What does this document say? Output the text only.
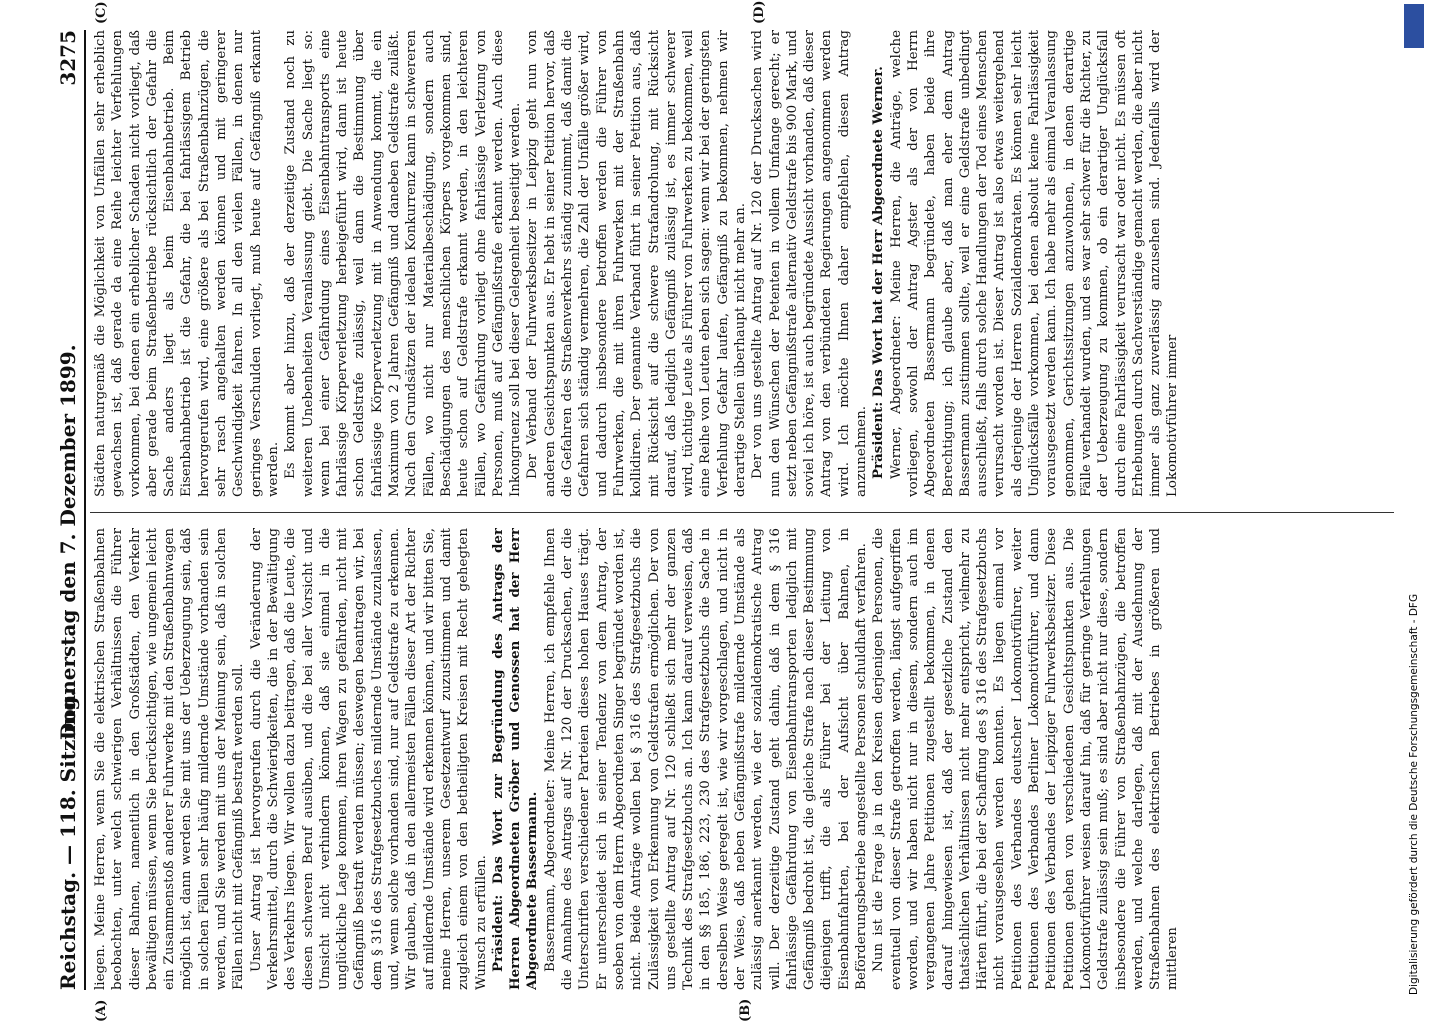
Reichstag. — 118. Sitzung.
Donnerstag den 7. Dezember 1899.
3275
(A)	(B)
(C)	(D)

liegen. Meine Herren, wenn Sie die elektrischen Straßenbahnen beobachten, unter welch schwierigen Verhältnissen die Führer dieser Bahnen, namentlich in den Großstädten, den Verkehr bewältigen müssen, wenn Sie berücksichtigen, wie ungemein leicht ein Zusammenstoß anderer Fuhrwerke mit den Straßenbahnwagen möglich ist, dann werden Sie mit uns der Ueberzeugung sein, daß in solchen Fällen sehr häufig mildernde Umstände vorhanden sein werden, und Sie werden mit uns der Meinung sein, daß in solchen Fällen nicht mit Gefängniß bestraft werden soll. Unser Antrag ist hervorgerufen durch die Veränderung der Verkehrsmittel, durch die Schwierigkeiten, die in der Bewältigung des Verkehrs liegen. Wir wollen dazu beitragen, daß die Leute, die diesen schweren Beruf ausüben, und die bei aller Vorsicht und Umsicht nicht verhindern können, daß sie einmal in die unglückliche Lage kommen, ihren Wagen zu gefährden, nicht mit Gefängniß bestraft werden müssen; deswegen beantragen wir, bei dem § 316 des Strafgesetzbuches mildernde Umstände zuzulassen, und, wenn solche vorhanden sind, nur auf Geldstrafe zu erkennen. Wir glauben, daß in den allermeisten Fällen dieser Art der Richter auf mildernde Umstände wird erkennen können, und wir bitten Sie, meine Herren, unserem Gesetzentwurf zuzustimmen und damit zugleich einem von den betheiligten Kreisen mit Recht gehegten Wunsch zu erfüllen. Präsident: Das Wort zur Begründung des Antrags der Herren Abgeordneten Gröber und Genossen hat der Herr Abgeordnete Bassermann. Bassermann, Abgeordneter: Meine Herren, ich empfehle Ihnen die Annahme des Antrags auf Nr. 120 der Drucksachen, der die Unterschriften verschiedener Parteien dieses hohen Hauses trägt. Er unterscheidet sich in seiner Tendenz von dem Antrag, der soeben von dem Herrn Abgeordneten Singer begründet worden ist, nicht. Beide Anträge wollen bei § 316 des Strafgesetzbuchs die Zulässigkeit von Erkennung von Geldstrafen ermöglichen. Der von uns gestellte Antrag auf Nr. 120 schließt sich mehr der ganzen Technik des Strafgesetzbuchs an. Ich kann darauf verweisen, daß in den §§ 185, 186, 223, 230 des Strafgesetzbuchs die Sache in derselben Weise geregelt ist, wie wir vorgeschlagen, und nicht in der Weise, daß neben Gefängnißstrafe mildernde Umstände als zulässig anerkannt werden, wie der sozialdemokratische Antrag will. Der derzeitige Zustand geht dahin, daß in dem § 316 fahrlässige Gefährdung von Eisenbahntransporten lediglich mit Gefängniß bedroht ist, die gleiche Strafe nach dieser Bestimmung diejenigen trifft, die als Führer bei der Leitung von Eisenbahnfahrten, bei der Aufsicht über Bahnen, in Beförderungsbetriebe angestellte Personen schuldhaft verfahren. Nun ist die Frage ja in den Kreisen derjenigen Personen, die eventuell von dieser Strafe getroffen werden, längst aufgegriffen worden, und wir haben nicht nur in diesem, sondern auch im vergangenen Jahre Petitionen zugestellt bekommen, in denen darauf hingewiesen ist, daß der gesetzliche Zustand den thatsächlichen Verhältnissen nicht mehr entspricht, vielmehr zu Härten führt, die bei der Schaffung des § 316 des Strafgesetzbuchs nicht vorausgesehen werden konnten. Es liegen einmal vor Petitionen des Verbandes deutscher Lokomotivführer, weiter Petitionen des Verbandes Berliner Lokomotivführer, und dann Petitionen des Verbandes der Leipziger Fuhrwerksbesitzer. Diese Petitionen gehen von verschiedenen Gesichtspunkten aus. Die Lokomotivführer weisen darauf hin, daß für geringe Verfehlungen Geldstrafe zulässig sein muß; es sind aber nicht nur diese, sondern insbesondere die Führer von Straßenbahnzügen, die betroffen werden, und welche darlegen, daß mit der Ausdehnung der Straßenbahnen des elektrischen Betriebes in größeren und mittleren

Städten naturgemäß die Möglichkeit von Unfällen sehr erheblich gewachsen ist, daß gerade da eine Reihe leichter Verfehlungen vorkommen, bei denen ein erheblicher Schaden nicht vorliegt, daß aber gerade beim Straßenbetriebe rücksichtlich der Gefahr die Sache anders liegt als beim Eisenbahnbetrieb. Beim Eisenbahnbetrieb ist die Gefahr, die bei fahrlässigem Betrieb hervorgerufen wird, eine größere als bei Straßenbahnzügen, die sehr rasch angehalten werden können und mit geringerer Geschwindigkeit fahren. In all den vielen Fällen, in denen nur geringes Verschulden vorliegt, muß heute auf Gefängniß erkannt werden. Es kommt aber hinzu, daß der derzeitige Zustand noch zu weiteren Unebenheiten Veranlassung giebt. Die Sache liegt so: wenn bei einer Gefährdung eines Eisenbahntransports eine fahrlässige Körperverletzung herbeigeführt wird, dann ist heute schon Geldstrafe zulässig, weil dann die Bestimmung über fahrlässige Körperverletzung mit in Anwendung kommt, die ein Maximum von 2 Jahren Gefängniß und daneben Geldstrafe zuläßt. Nach den Grundsätzen der idealen Konkurrenz kann in schwereren Fällen, wo nicht nur Materialbeschädigung, sondern auch Beschädigungen des menschlichen Körpers vorgekommen sind, heute schon auf Geldstrafe erkannt werden, in den leichteren Fällen, wo Gefährdung vorliegt ohne fahrlässige Verletzung von Personen, muß auf Gefängnißstrafe erkannt werden. Auch diese Inkongruenz soll bei dieser Gelegenheit beseitigt werden. Der Verband der Fuhrwerksbesitzer in Leipzig geht nun von anderen Gesichtspunkten aus. Er hebt in seiner Petition hervor, daß die Gefahren des Straßenverkehrs ständig zunimmt, daß damit die Gefahren sich ständig vermehren, die Zahl der Unfälle größer wird, und dadurch insbesondere betroffen werden die Führer von Fuhrwerken, die mit ihren Fuhrwerken mit der Straßenbahn kollidiren. Der genannte Verband führt in seiner Petition aus, daß mit Rücksicht auf die schwere Strafandrohung, mit Rücksicht darauf, daß lediglich Gefängniß zulässig ist, es immer schwerer wird, tüchtige Leute als Führer von Fuhrwerken zu bekommen, weil eine Reihe von Leuten eben sich sagen: wenn wir bei der geringsten Verfehlung Gefahr laufen, Gefängniß zu bekommen, nehmen wir derartige Stellen überhaupt nicht mehr an. Der von uns gestellte Antrag auf Nr. 120 der Drucksachen wird nun den Wünschen der Petenten in vollem Umfange gerecht; er setzt neben Gefängnißstrafe alternativ Geldstrafe bis 900 Mark, und soviel ich höre, ist auch begründete Aussicht vorhanden, daß dieser Antrag von den verbündeten Regierungen angenommen werden wird. Ich möchte Ihnen daher empfehlen, diesen Antrag anzunehmen. Präsident: Das Wort hat der Herr Abgeordnete Werner. Werner, Abgeordneter: Meine Herren, die Anträge, welche vorliegen, sowohl der Antrag Agster als der von Herrn Abgeordneten Bassermann begründete, haben beide ihre Berechtigung; ich glaube aber, daß man eher dem Antrag Bassermann zustimmen sollte, weil er eine Geldstrafe unbedingt ausschließt, falls durch solche Handlungen der Tod eines Menschen verursacht worden ist. Dieser Antrag ist also etwas weitergehend als derjenige der Herren Sozialdemokraten. Es können sehr leicht Unglücksfälle vorkommen, bei denen absolut keine Fahrlässigkeit vorausgesetzt werden kann. Ich habe mehr als einmal Veranlassung genommen, Gerichtssitzungen anzuwohnen, in denen derartige Fälle verhandelt wurden, und es war sehr schwer für die Richter, zu der Ueberzeugung zu kommen, ob ein derartiger Unglücksfall durch eine Fahrlässigkeit verursacht war oder nicht. Es müssen oft Erhebungen durch Sachverständige gemacht werden, die aber nicht immer als ganz zuverlässig anzusehen sind. Jedenfalls wird der Lokomotivführer immer

Digitalisierung gefördert durch die Deutsche Forschungsgemeinschaft - DFG
